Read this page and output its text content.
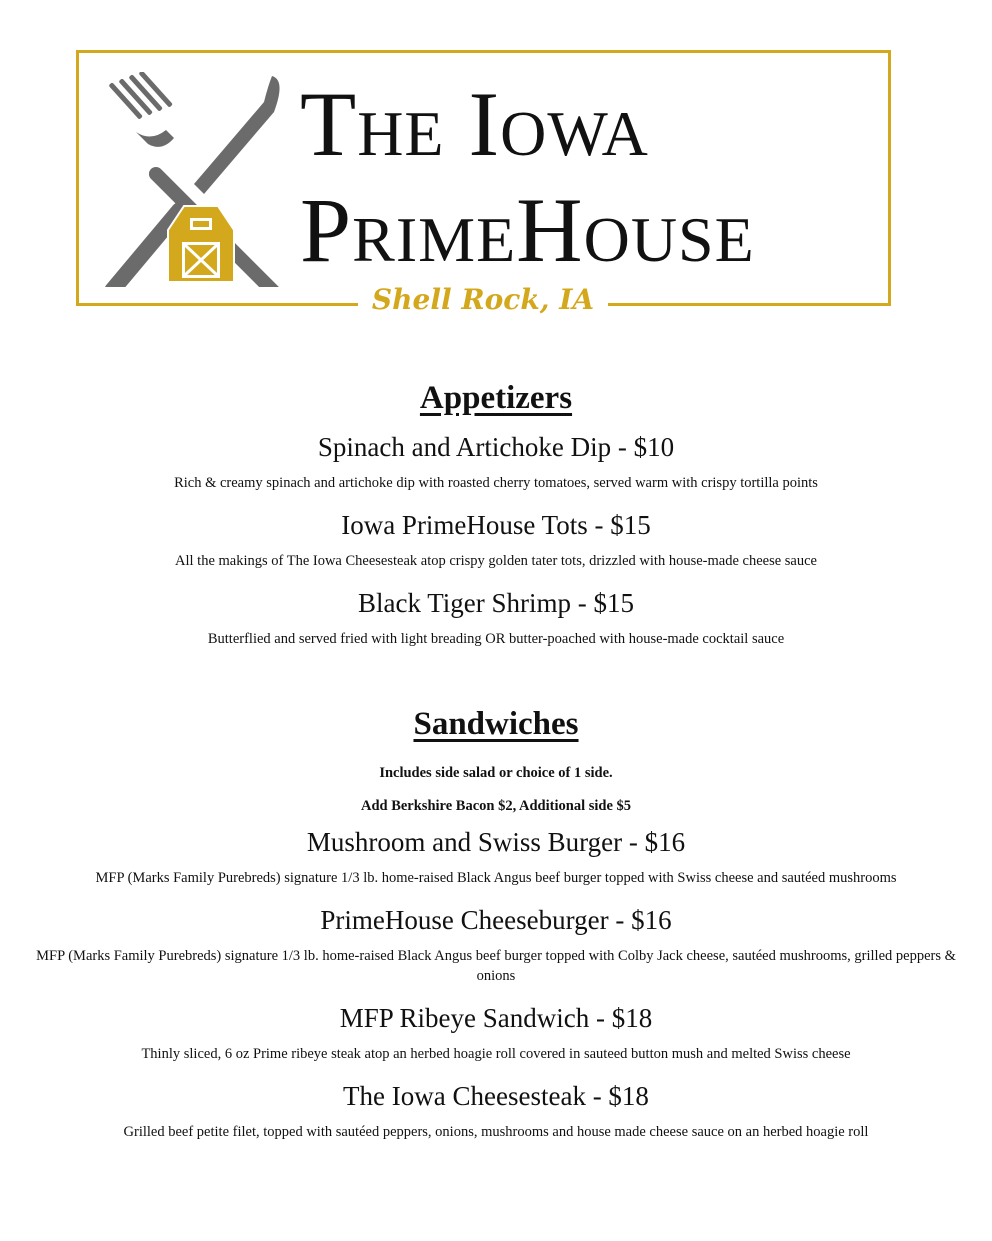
The Iowa
PrimeHouse
Shell Rock, IA
Appetizers

Spinach and Artichoke Dip - $10

Rich & creamy spinach and artichoke dip with roasted cherry tomatoes, served warm with crispy tortilla points

Iowa PrimeHouse Tots - $15

All the makings of The Iowa Cheesesteak atop crispy golden tater tots, drizzled with house-made cheese sauce

Black Tiger Shrimp - $15

Butterflied and served fried with light breading OR butter-poached with house-made cocktail sauce

Sandwiches

Includes side salad or choice of 1 side.

Add Berkshire Bacon $2, Additional side $5

Mushroom and Swiss Burger - $16

MFP (Marks Family Purebreds) signature 1/3 lb. home-raised Black Angus beef burger topped with Swiss cheese and sautéed mushrooms

PrimeHouse Cheeseburger - $16

MFP (Marks Family Purebreds) signature 1/3 lb. home-raised Black Angus beef burger topped with Colby Jack cheese, sautéed mushrooms, grilled peppers & onions

MFP Ribeye Sandwich - $18

Thinly sliced, 6 oz Prime ribeye steak atop an herbed hoagie roll covered in sauteed button mush and melted Swiss cheese

The Iowa Cheesesteak - $18

Grilled beef petite filet, topped with sautéed peppers, onions, mushrooms and house made cheese sauce on an herbed hoagie roll
